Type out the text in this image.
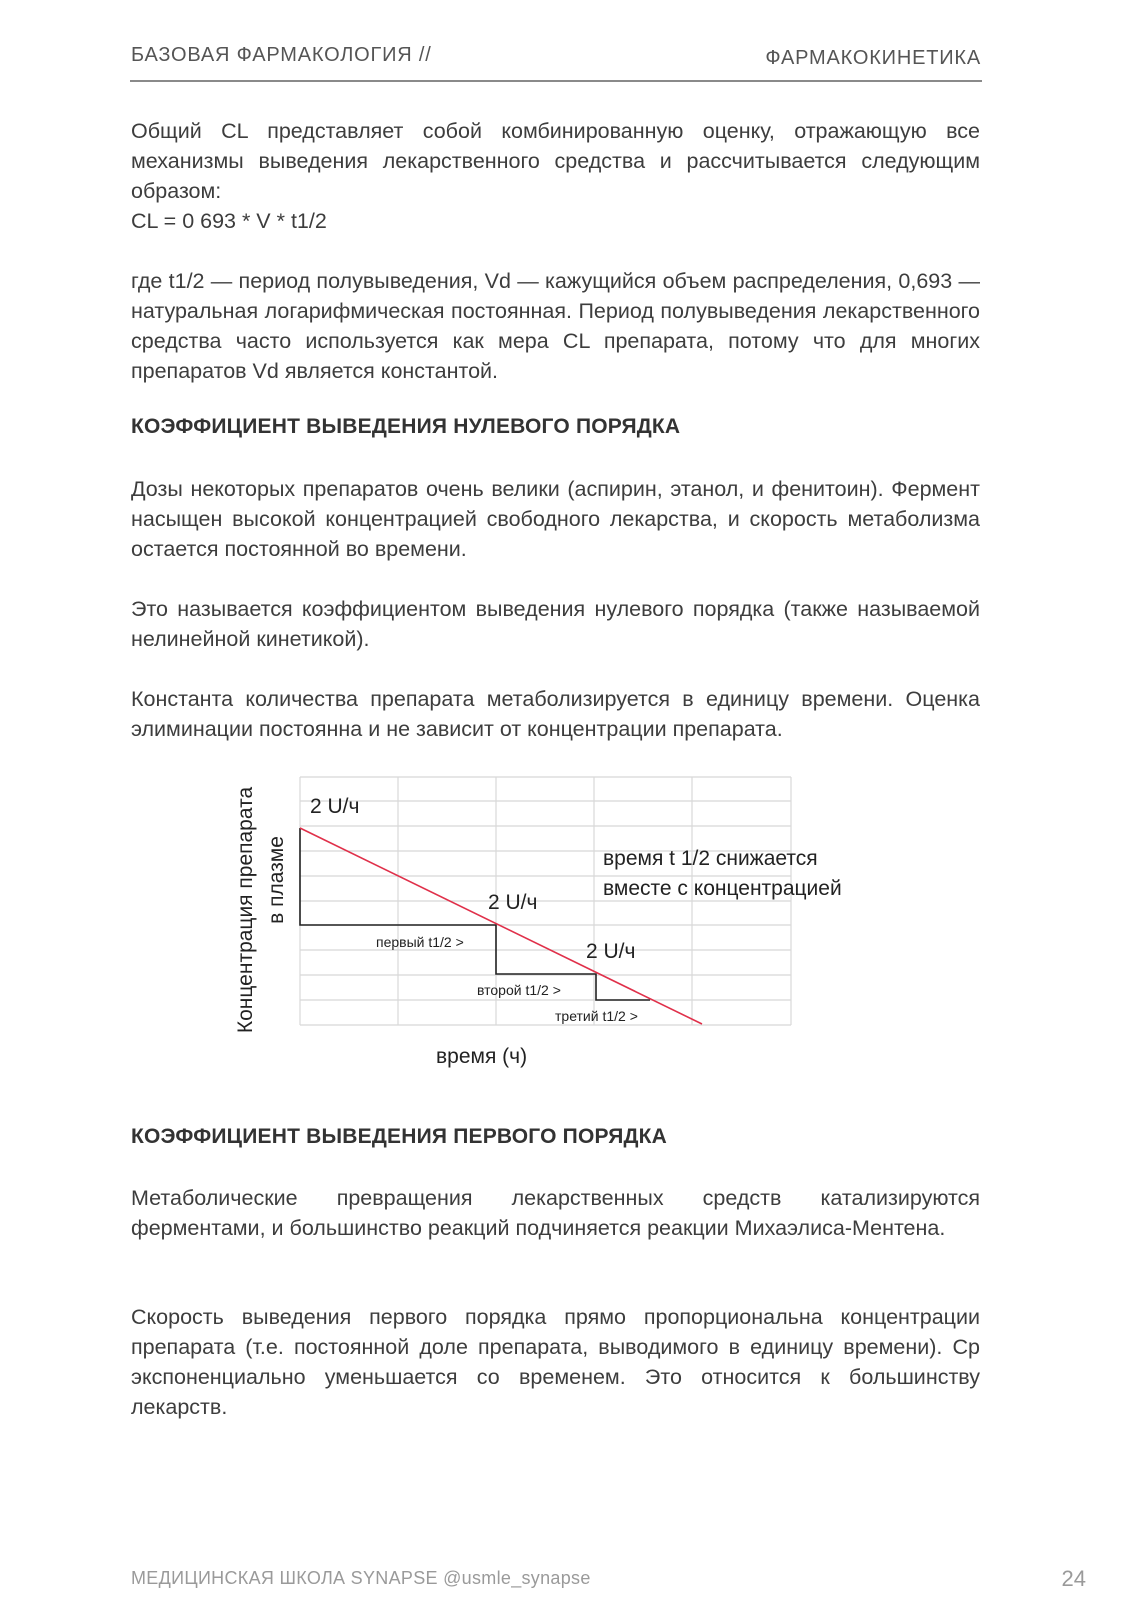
БАЗОВАЯ ФАРМАКОЛОГИЯ //	ФАРМАКОКИНЕТИКА

Общий CL представляет собой комбинированную оценку, отражающую все механизмы выведения лекарственного средства и рассчитывается следующим образом:

CL = 0 693 * V * t1/2

где t1/2 — период полувыведения, Vd — кажущийся объем распределения, 0,693 — натуральная логарифмическая постоянная. Период полувыведения лекарственного средства часто используется как мера CL препарата, потому что для многих препаратов Vd является константой.

КОЭФФИЦИЕНТ ВЫВЕДЕНИЯ НУЛЕВОГО ПОРЯДКА

Дозы некоторых препаратов очень велики (аспирин, этанол, и фенитоин). Фермент насыщен высокой концентрацией свободного лекарства, и скорость метаболизма остается постоянной во времени.

Это называется коэффициентом выведения нулевого порядка (также называемой нелинейной кинетикой).

Константа количества препарата метаболизируется в единицу времени. Оценка элиминации постоянна и не зависит от концентрации препарата.

Концентрация препарата в плазме
2 U/ч
2 U/ч
2 U/ч
первый t1/2 >
второй t1/2 >
третий t1/2 >
время t 1/2 снижается
вместе с концентрацией
время (ч)
КОЭФФИЦИЕНТ ВЫВЕДЕНИЯ ПЕРВОГО ПОРЯДКА

Метаболические превращения лекарственных средств катализируются ферментами, и большинство реакций подчиняется реакции Михаэлиса-Ментена.

Скорость выведения первого порядка прямо пропорциональна концентрации препарата (т.е. постоянной доле препарата, выводимого в единицу времени). Ср экспоненциально уменьшается со временем. Это относится к большинству лекарств.

МЕДИЦИНСКАЯ ШКОЛА SYNAPSE @usmle_synapse	24
